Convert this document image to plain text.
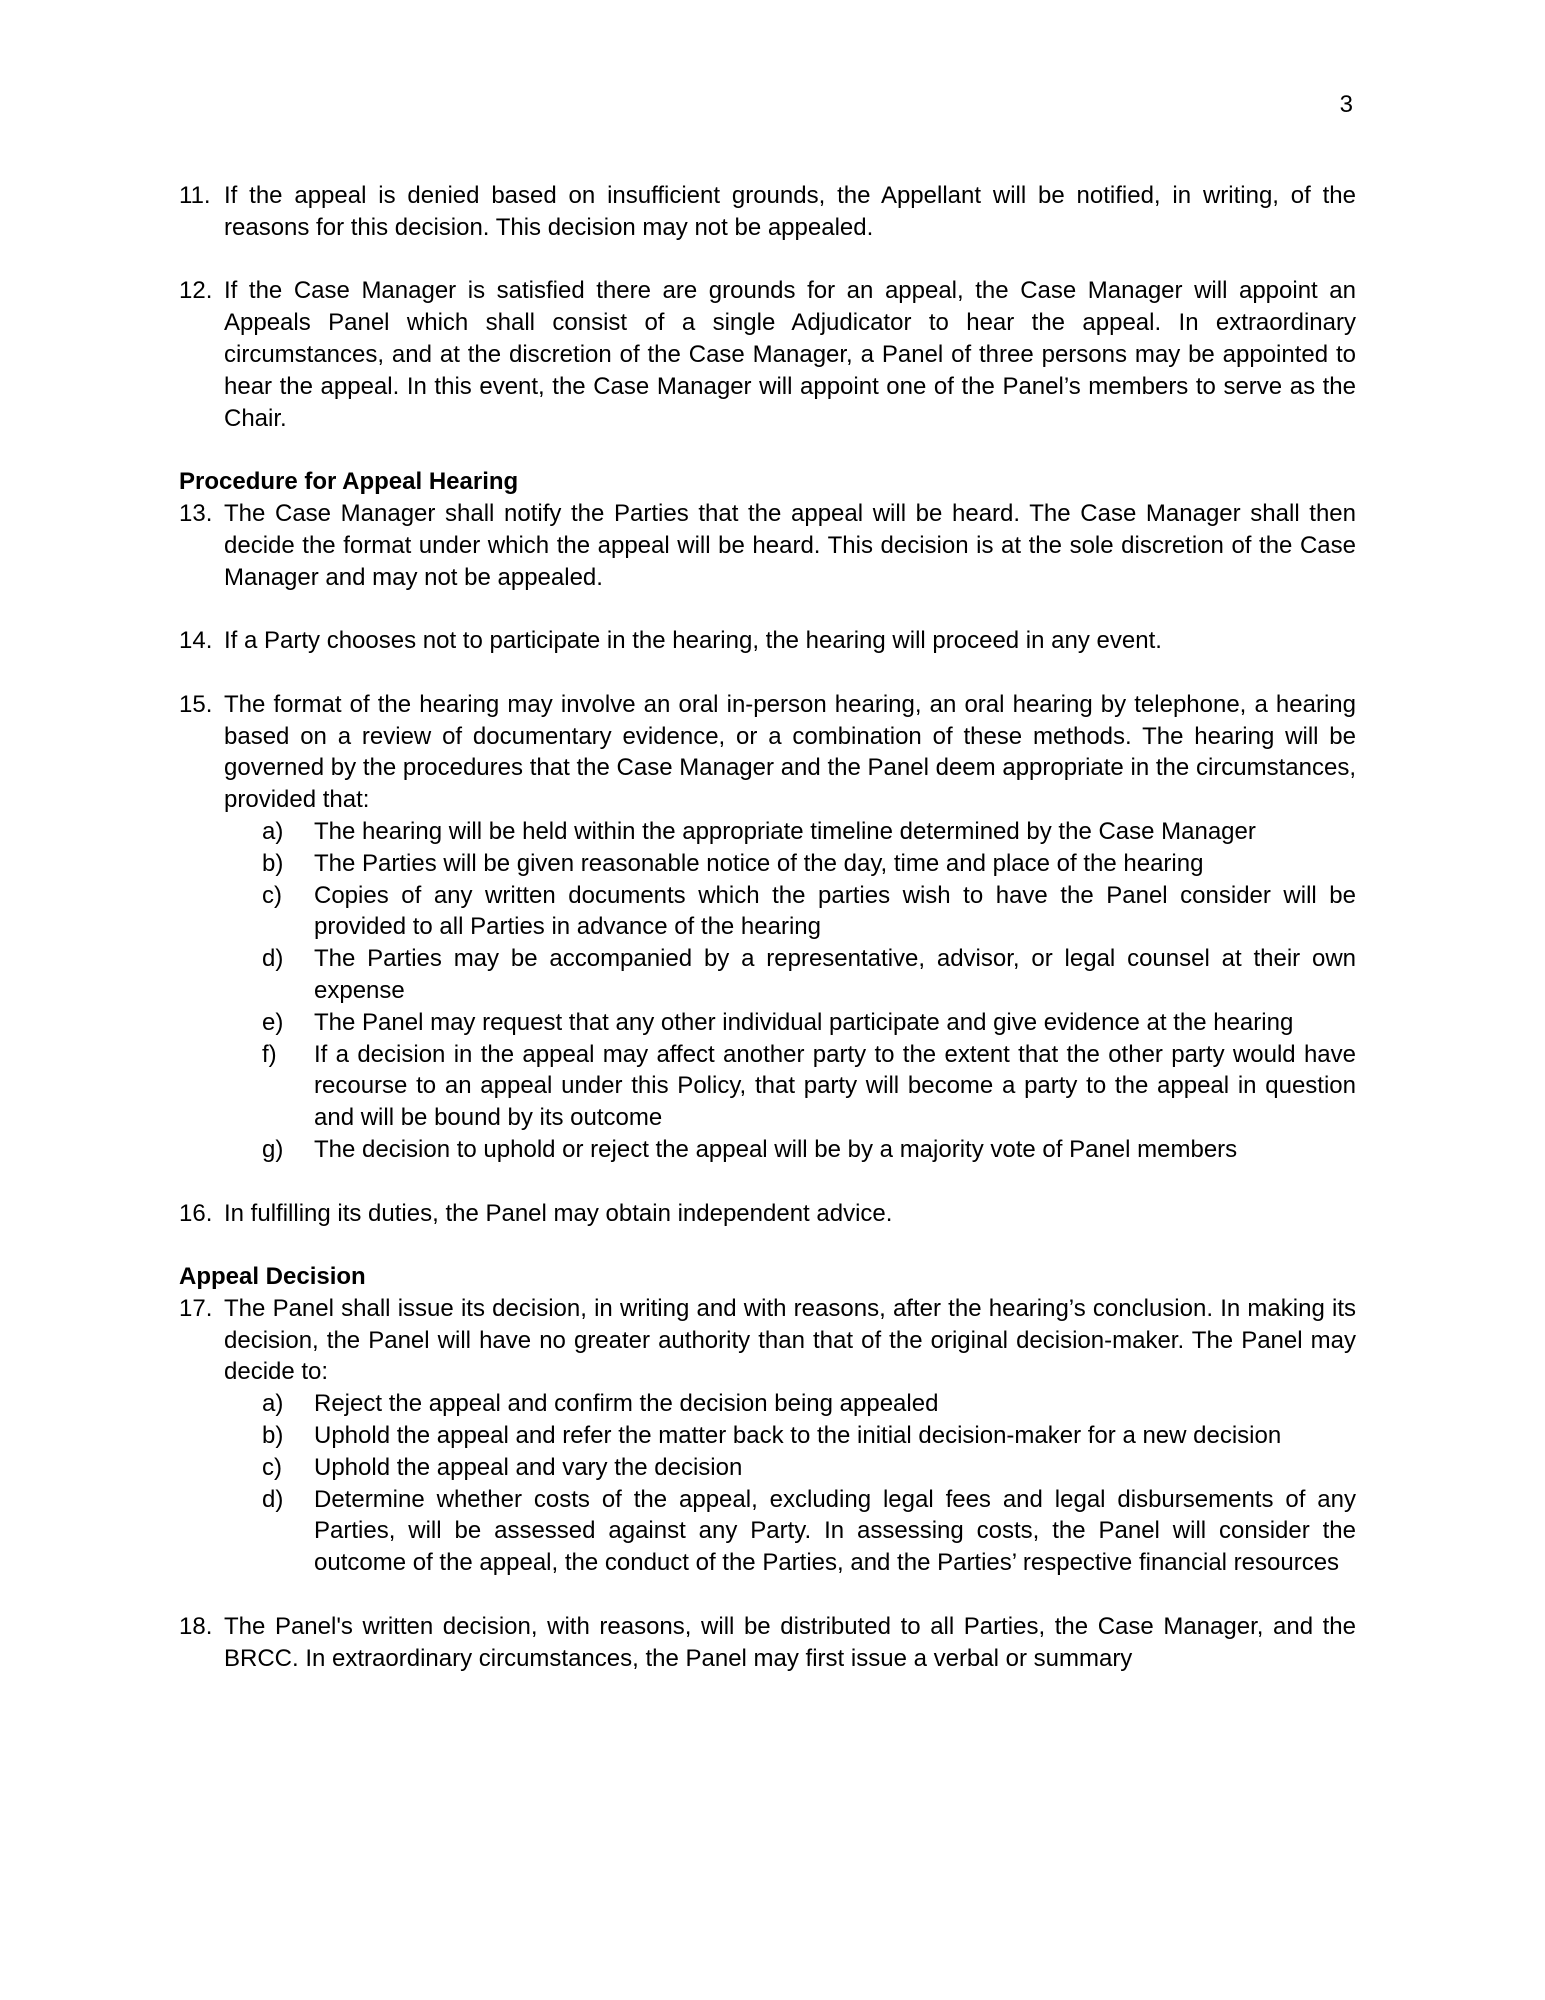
3
11. If the appeal is denied based on insufficient grounds, the Appellant will be notified, in writing, of the reasons for this decision. This decision may not be appealed.
12. If the Case Manager is satisfied there are grounds for an appeal, the Case Manager will appoint an Appeals Panel which shall consist of a single Adjudicator to hear the appeal. In extraordinary circumstances, and at the discretion of the Case Manager, a Panel of three persons may be appointed to hear the appeal. In this event, the Case Manager will appoint one of the Panel’s members to serve as the Chair.
Procedure for Appeal Hearing
13. The Case Manager shall notify the Parties that the appeal will be heard. The Case Manager shall then decide the format under which the appeal will be heard. This decision is at the sole discretion of the Case Manager and may not be appealed.
14. If a Party chooses not to participate in the hearing, the hearing will proceed in any event.
15. The format of the hearing may involve an oral in-person hearing, an oral hearing by telephone, a hearing based on a review of documentary evidence, or a combination of these methods. The hearing will be governed by the procedures that the Case Manager and the Panel deem appropriate in the circumstances, provided that:
a) The hearing will be held within the appropriate timeline determined by the Case Manager
b) The Parties will be given reasonable notice of the day, time and place of the hearing
c) Copies of any written documents which the parties wish to have the Panel consider will be provided to all Parties in advance of the hearing
d) The Parties may be accompanied by a representative, advisor, or legal counsel at their own expense
e) The Panel may request that any other individual participate and give evidence at the hearing
f) If a decision in the appeal may affect another party to the extent that the other party would have recourse to an appeal under this Policy, that party will become a party to the appeal in question and will be bound by its outcome
g) The decision to uphold or reject the appeal will be by a majority vote of Panel members
16. In fulfilling its duties, the Panel may obtain independent advice.
Appeal Decision
17. The Panel shall issue its decision, in writing and with reasons, after the hearing’s conclusion. In making its decision, the Panel will have no greater authority than that of the original decision-maker. The Panel may decide to:
a) Reject the appeal and confirm the decision being appealed
b) Uphold the appeal and refer the matter back to the initial decision-maker for a new decision
c) Uphold the appeal and vary the decision
d) Determine whether costs of the appeal, excluding legal fees and legal disbursements of any Parties, will be assessed against any Party. In assessing costs, the Panel will consider the outcome of the appeal, the conduct of the Parties, and the Parties’ respective financial resources
18. The Panel's written decision, with reasons, will be distributed to all Parties, the Case Manager, and the BRCC. In extraordinary circumstances, the Panel may first issue a verbal or summary
